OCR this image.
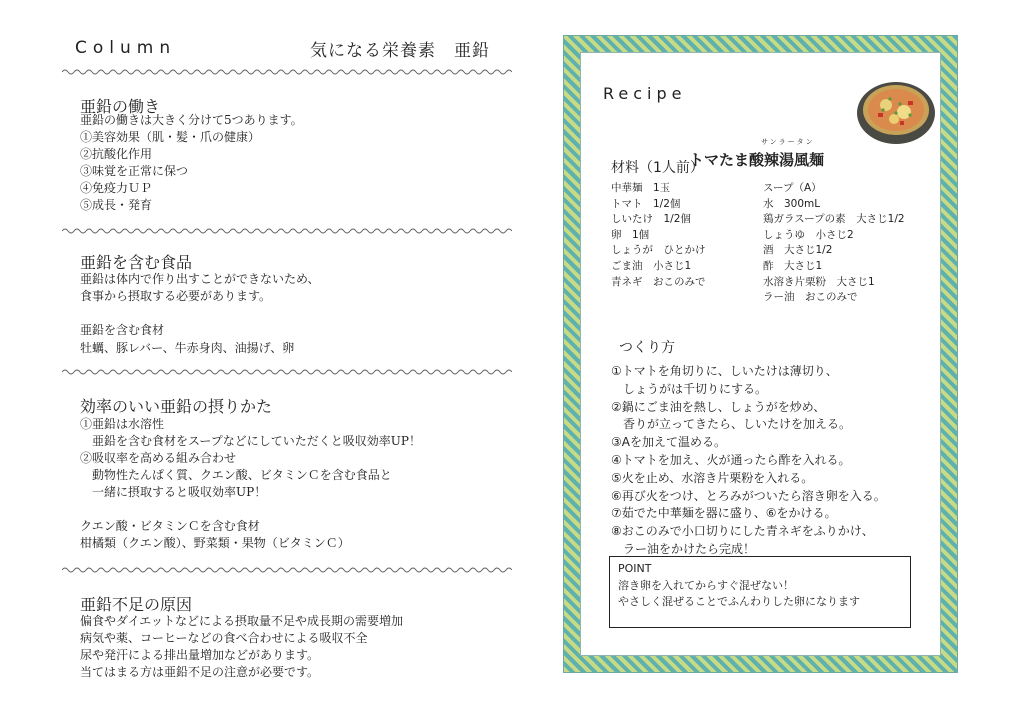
Column	気になる栄養素　亜鉛
亜鉛の働き
亜鉛の働きは大きく分けて5つあります。
①美容効果（肌・髪・爪の健康）
②抗酸化作用
③味覚を正常に保つ
④免疫力ＵＰ
⑤成長・発育
亜鉛を含む食品
亜鉛は体内で作り出すことができないため、
食事から摂取する必要があります。
亜鉛を含む食材
牡蠣、豚レバー、牛赤身肉、油揚げ、卵
効率のいい亜鉛の摂りかた
①亜鉛は水溶性
　亜鉛を含む食材をスープなどにしていただくと吸収効率UP！
②吸収率を高める組み合わせ
　動物性たんぱく質、クエン酸、ビタミンＣを含む食品と
　一緒に摂取すると吸収効率UP！
クエン酸・ビタミンＣを含む食材
柑橘類（クエン酸）、野菜類・果物（ビタミンＣ）
亜鉛不足の原因
偏食やダイエットなどによる摂取量不足や成長期の需要増加
病気や薬、コーヒーなどの食べ合わせによる吸収不全
尿や発汗による排出量増加などがあります。
当てはまる方は亜鉛不足の注意が必要です。
Recipe
サンラータン
トマたま酸辣湯風麺
材料（1人前）
中華麺　1玉
トマト　1/2個
しいたけ　1/2個
卵　1個
しょうが　ひとかけ
ごま油　小さじ1
青ネギ　おこのみで
スープ（A）
水　300mL
鶏ガラスープの素　大さじ1/2
しょうゆ　小さじ2
酒　大さじ1/2
酢　大さじ1
水溶き片栗粉　大さじ1
ラー油　おこのみで
つくり方
①トマトを角切りに、しいたけは薄切り、
　しょうがは千切りにする。
②鍋にごま油を熱し、しょうがを炒め、
　香りが立ってきたら、しいたけを加える。
③Aを加えて温める。
④トマトを加え、火が通ったら酢を入れる。
⑤火を止め、水溶き片栗粉を入れる。
⑥再び火をつけ、とろみがついたら溶き卵を入る。
⑦茹でた中華麺を器に盛り、⑥をかける。
⑧おこのみで小口切りにした青ネギをふりかけ、
　ラー油をかけたら完成！
POINT
溶き卵を入れてからすぐ混ぜない！
やさしく混ぜることでふんわりした卵になります
